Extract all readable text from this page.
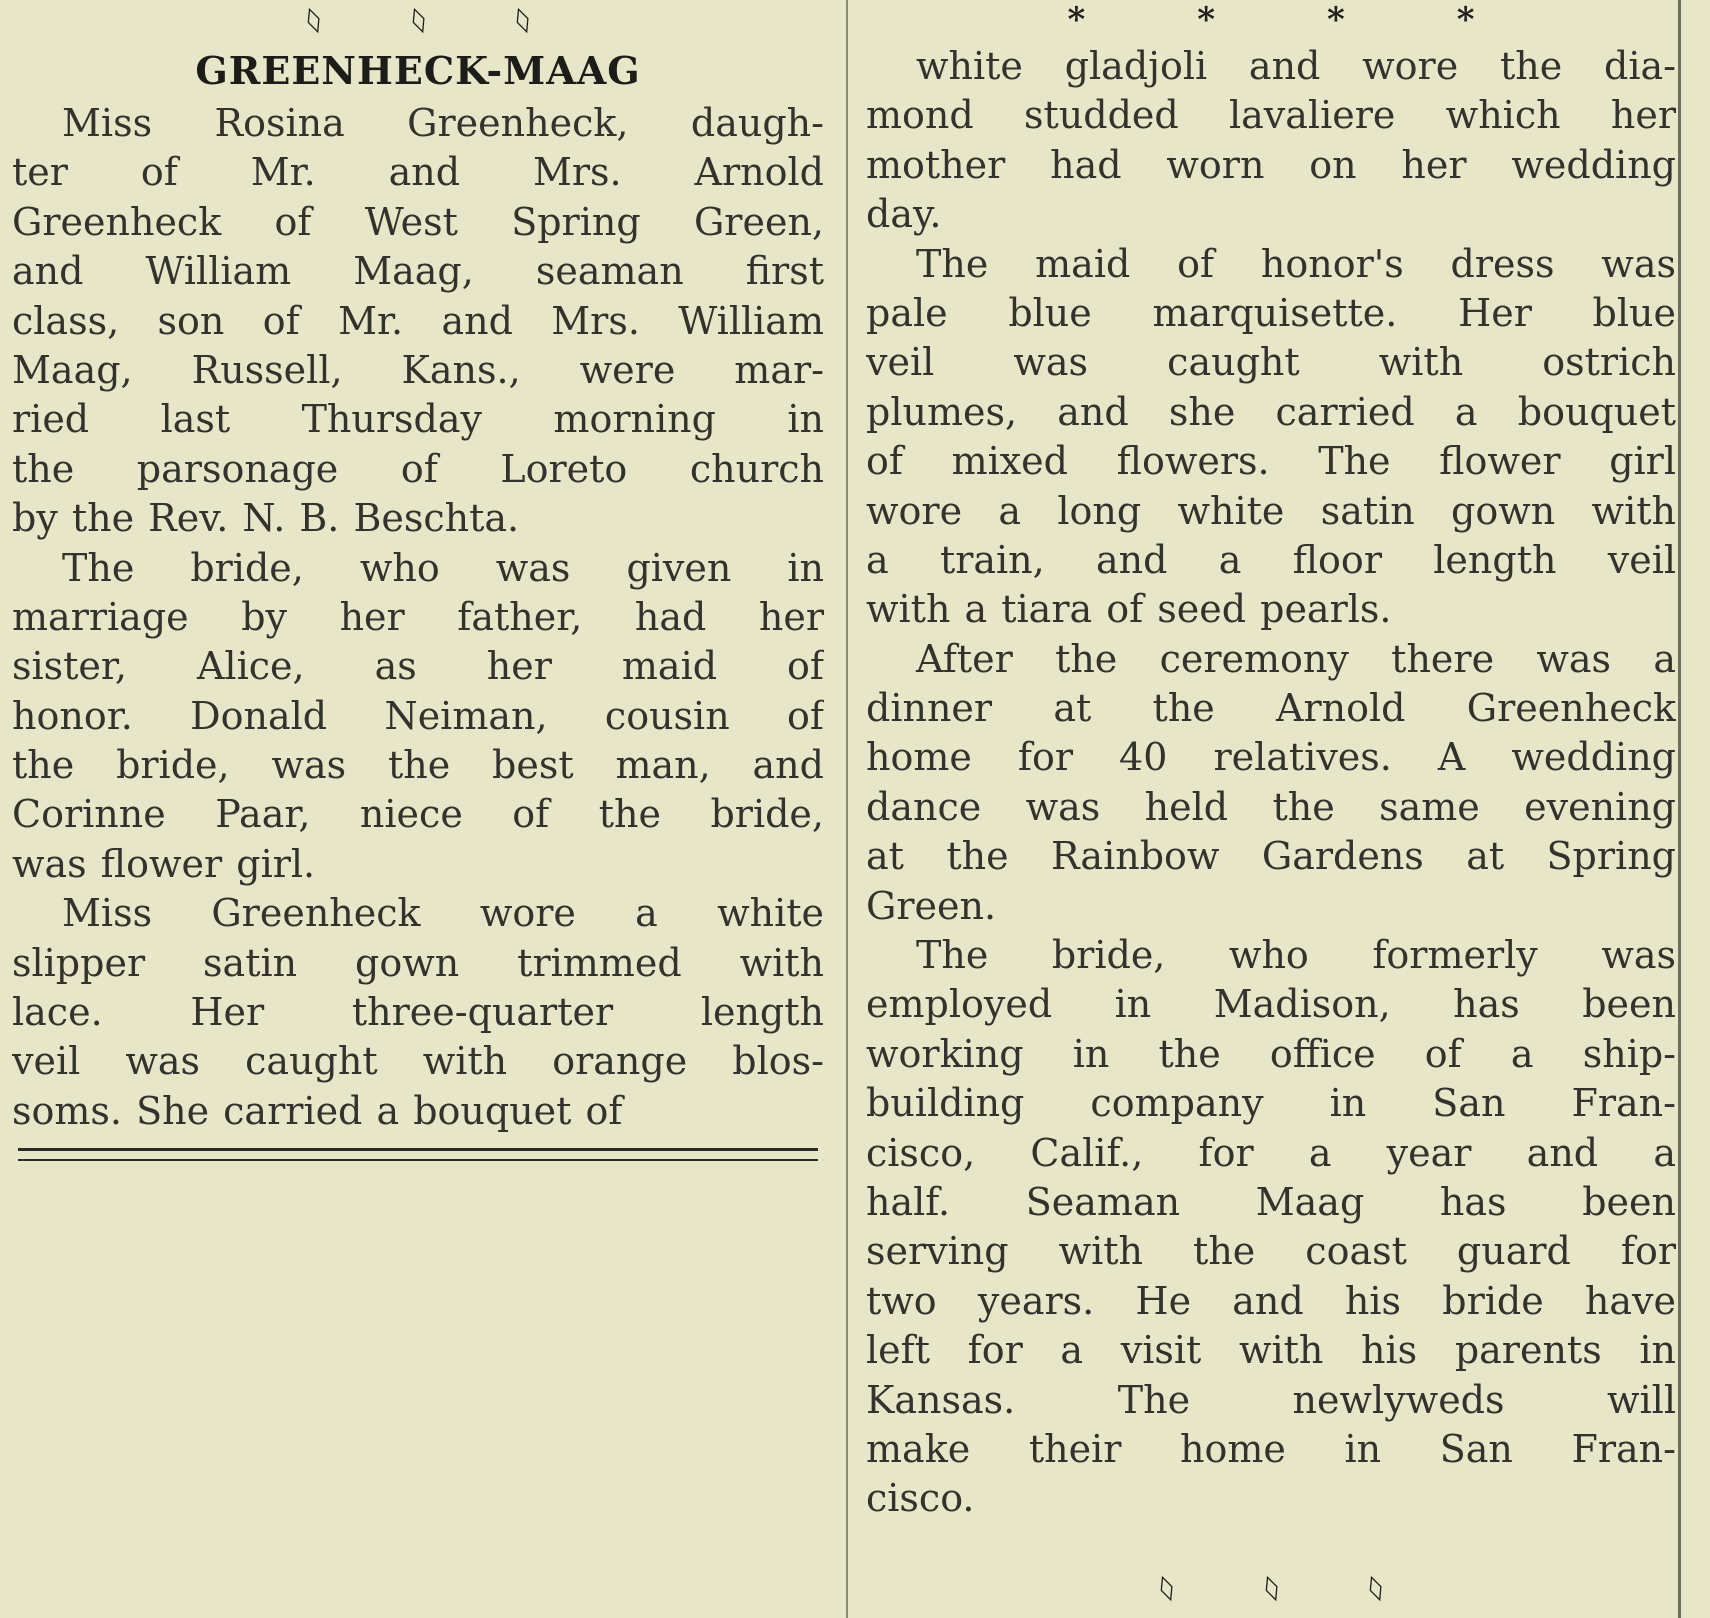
◊	◊	◊
GREENHECK-MAAG

Miss Rosina Greenheck, daugh-
ter of Mr. and Mrs. Arnold
Greenheck of West Spring Green,
and William Maag, seaman first
class, son of Mr. and Mrs. William
Maag, Russell, Kans., were mar-
ried last Thursday morning in
the parsonage of Loreto church
by the Rev. N. B. Beschta.

The bride, who was given in
marriage by her father, had her
sister, Alice, as her maid of
honor. Donald Neiman, cousin of
the bride, was the best man, and
Corinne Paar, niece of the bride,
was flower girl.

Miss Greenheck wore a white
slipper satin gown trimmed with
lace. Her three-quarter length
veil was caught with orange blos-
soms. She carried a bouquet of

*	*	*	*

white gladjoli and wore the dia-
mond studded lavaliere which her
mother had worn on her wedding
day.

The maid of honor's dress was
pale blue marquisette. Her blue
veil was caught with ostrich
plumes, and she carried a bouquet
of mixed flowers. The flower girl
wore a long white satin gown with
a train, and a floor length veil
with a tiara of seed pearls.

After the ceremony there was a
dinner at the Arnold Greenheck
home for 40 relatives. A wedding
dance was held the same evening
at the Rainbow Gardens at Spring
Green.

The bride, who formerly was
employed in Madison, has been
working in the office of a ship-
building company in San Fran-
cisco, Calif., for a year and a
half. Seaman Maag has been
serving with the coast guard for
two years. He and his bride have
left for a visit with his parents in
Kansas. The newlyweds will
make their home in San Fran-
cisco.

◊	◊	◊
